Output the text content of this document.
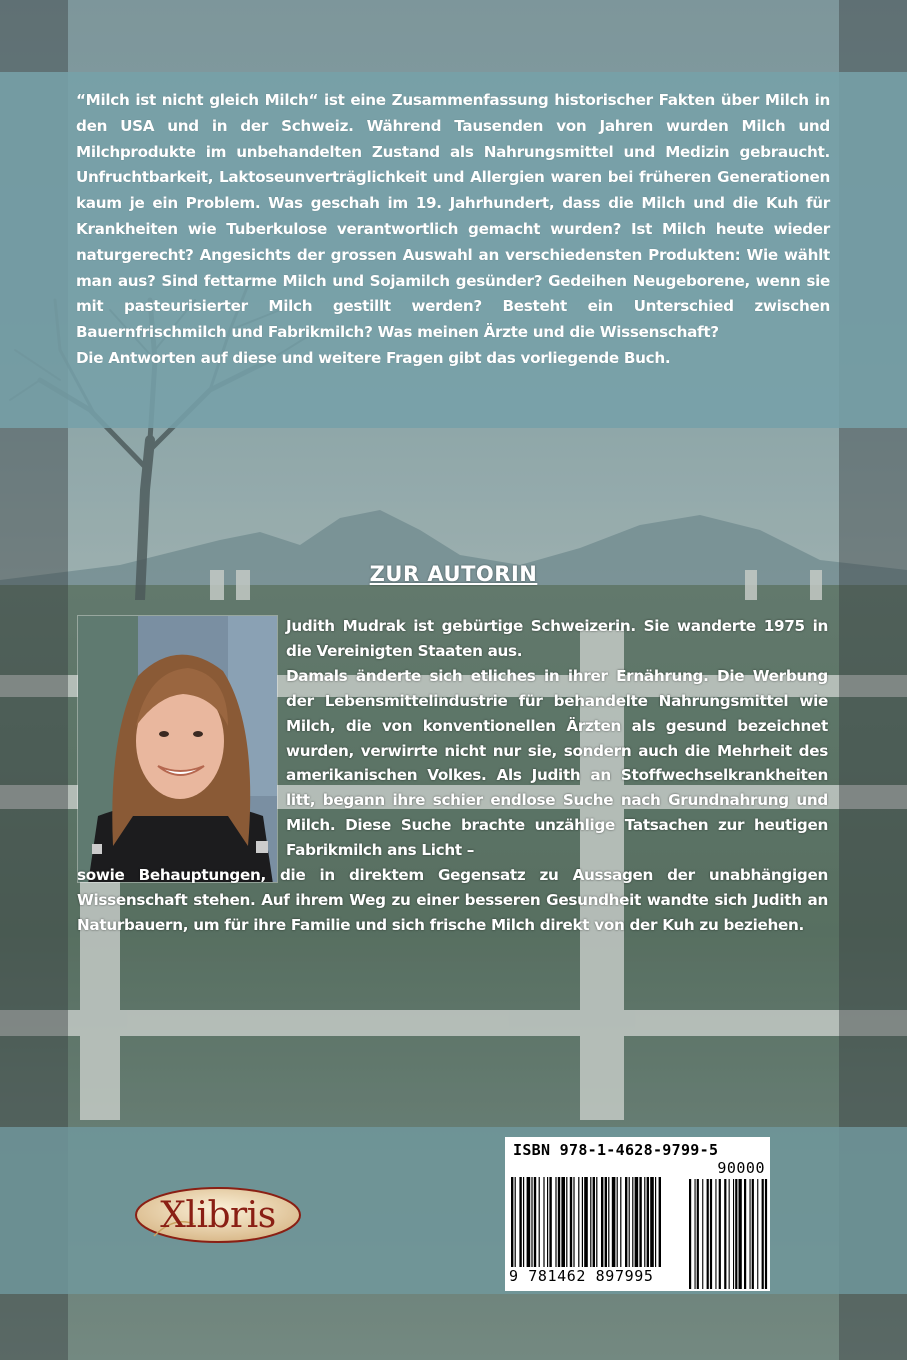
“Milch ist nicht gleich Milch“ ist eine Zusammenfassung historischer Fakten über Milch in den USA und in der Schweiz. Während Tausenden von Jahren wurden Milch und Milchprodukte im unbehandelten Zustand als Nahrungsmittel und Medizin gebraucht. Unfruchtbarkeit, Laktoseunverträglichkeit und Allergien waren bei früheren Generationen kaum je ein Problem. Was geschah im 19. Jahrhundert, dass die Milch und die Kuh für Krankheiten wie Tuberkulose verantwortlich gemacht wurden? Ist Milch heute wieder naturgerecht? Angesichts der grossen Auswahl an verschiedensten Produkten: Wie wählt man aus? Sind fettarme Milch und Sojamilch gesünder? Gedeihen Neugeborene, wenn sie mit pasteurisierter Milch gestillt werden? Besteht ein Unterschied zwischen Bauernfrischmilch und Fabrikmilch? Was meinen Ärzte und die Wissenschaft?

Die Antworten auf diese und weitere Fragen gibt das vorliegende Buch.

ZUR AUTORIN

Judith Mudrak ist gebürtige Schweizerin. Sie wanderte 1975 in die Vereinigten Staaten aus.

Damals änderte sich etliches in ihrer Ernährung. Die Werbung der Lebensmittelindustrie für behandelte Nahrungsmittel wie Milch, die von konventionellen Ärzten als gesund bezeichnet wurden, verwirrte nicht nur sie, sondern auch die Mehrheit des amerikanischen Volkes. Als Judith an Stoffwechselkrankheiten litt, begann ihre schier endlose Suche nach Grundnahrung und Milch. Diese Suche brachte unzählige Tatsachen zur heutigen Fabrikmilch ans Licht –

sowie Behauptungen, die in direktem Gegensatz zu Aussagen der unabhängigen Wissenschaft stehen. Auf ihrem Weg zu einer besseren Gesundheit wandte sich Judith an Naturbauern, um für ihre Familie und sich frische Milch direkt von der Kuh zu beziehen.

Xlibris
ISBN 978-1-4628-9799-5
90000
9 781462 897995
